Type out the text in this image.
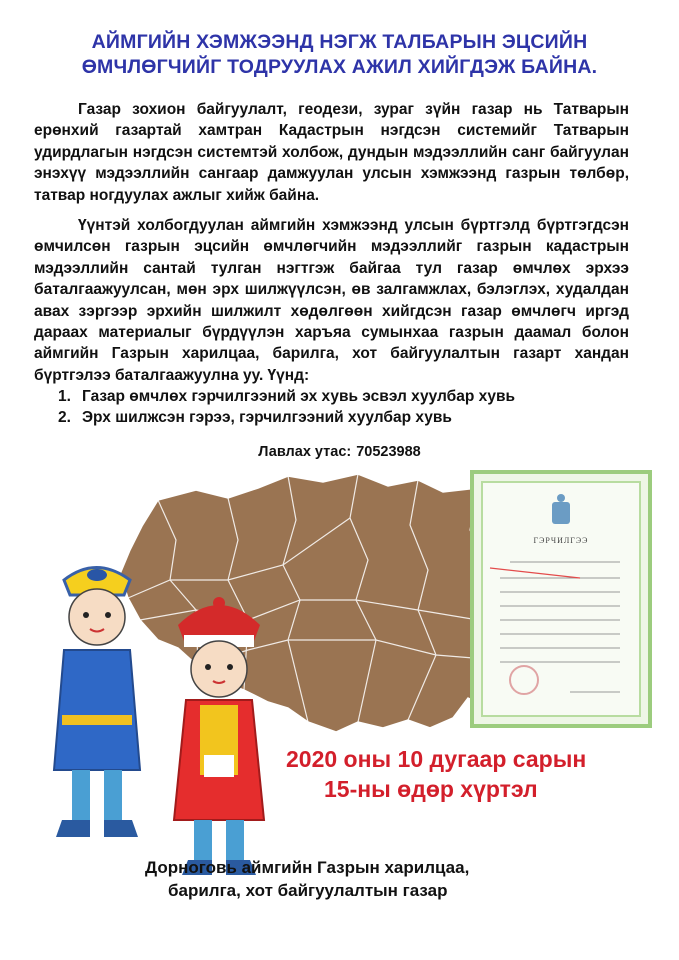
АЙМГИЙН ХЭМЖЭЭНД НЭГЖ ТАЛБАРЫН ЭЦСИЙН
ӨМЧЛӨГЧИЙГ ТОДРУУЛАХ АЖИЛ ХИЙГДЭЖ БАЙНА.

Газар зохион байгуулалт, геодези, зураг зүйн газар нь Татварын ерөнхий газартай хамтран Кадастрын нэгдсэн системийг Татварын удирдлагын нэгдсэн системтэй холбож, дундын мэдээллийн санг байгуулан энэхүү мэдээллийн сангаар дамжуулан улсын хэмжээнд газрын төлбөр, татвар ногдуулах ажлыг хийж байна.

Үүнтэй холбогдуулан аймгийн хэмжээнд улсын бүртгэлд бүртгэгдсэн өмчилсөн газрын эцсийн өмчлөгчийн мэдээллийг газрын кадастрын мэдээллийн сантай тулган нэгтгэж байгаа тул газар өмчлөх эрхээ баталгаажуулсан, мөн эрх шилжүүлсэн, өв залгамжлах, бэлэглэх, худалдан авах зэргээр эрхийн шилжилт хөдөлгөөн хийгдсэн газар өмчлөгч иргэд дараах материалыг бүрдүүлэн харъяа сумынхаа газрын даамал болон аймгийн Газрын харилцаа, барилга, хот байгуулалтын газарт хандан бүртгэлээ баталгаажуулна уу. Үүнд:

1. Газар өмчлөх гэрчилгээний эх хувь эсвэл хуулбар хувь
2. Эрх шилжсэн гэрээ, гэрчилгээний хуулбар хувь
Лавлах утас: 70523988
ГЭРЧИЛГЭЭ
2020 оны 10 дугаар сарын
15-ны өдөр хүртэл
Дорноговь аймгийн Газрын харилцаа,
барилга, хот байгуулалтын газар
